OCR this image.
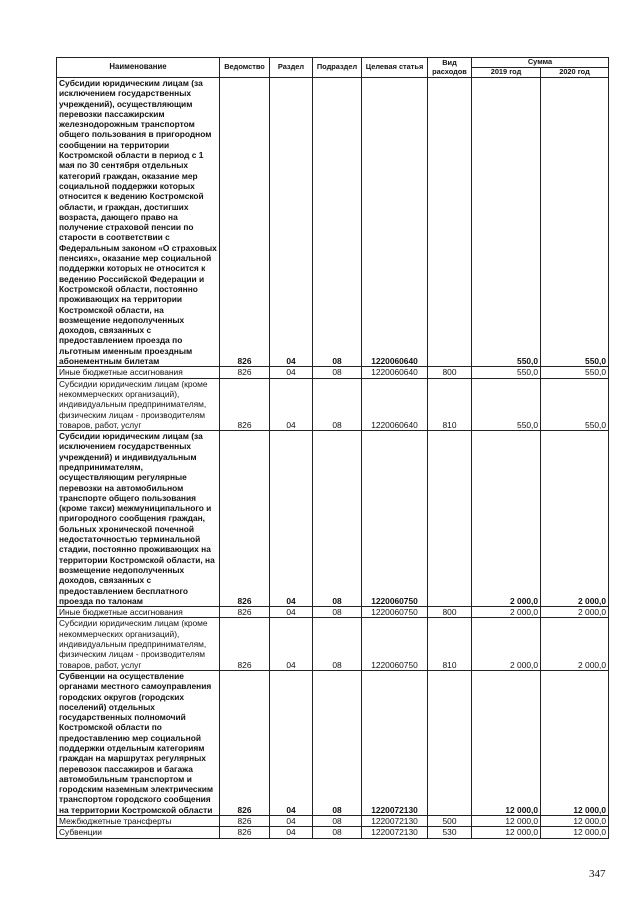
Наименование	Ведомство	Раздел	Подраздел	Целевая статья	Вид расходов	Сумма	
						2019 год	2020 год
Субсидии юридическим лицам (за исключением государственных учреждений), осуществляющим перевозки пассажирским железнодорожным транспортом общего пользования в пригородном сообщении на территории Костромской области в период с 1 мая по 30 сентября отдельных категорий граждан, оказание мер социальной поддержки которых относится к ведению Костромской области, и граждан, достигших возраста, дающего право на получение страховой пенсии по старости в соответствии с Федеральным законом «О страховых пенсиях», оказание мер социальной поддержки которых не относится к ведению Российской Федерации и Костромской области, постоянно проживающих на территории Костромской области, на возмещение недополученных доходов, связанных с предоставлением проезда по льготным именным проездным абонементным билетам	826	04	08	1220060640		550,0	550,0
Иные бюджетные ассигнования	826	04	08	1220060640	800	550,0	550,0
Субсидии юридическим лицам (кроме некоммерческих организаций), индивидуальным предпринимателям, физическим лицам - производителям товаров, работ, услуг	826	04	08	1220060640	810	550,0	550,0
Субсидии юридическим лицам (за исключением государственных учреждений) и индивидуальным предпринимателям, осуществляющим регулярные перевозки на автомобильном транспорте общего пользования (кроме такси) межмуниципального и пригородного сообщения граждан, больных хронической почечной недостаточностью терминальной стадии, постоянно проживающих на территории Костромской области, на возмещение недополученных доходов, связанных с предоставлением бесплатного проезда по талонам	826	04	08	1220060750		2 000,0	2 000,0
Иные бюджетные ассигнования	826	04	08	1220060750	800	2 000,0	2 000,0
Субсидии юридическим лицам (кроме некоммерческих организаций), индивидуальным предпринимателям, физическим лицам - производителям товаров, работ, услуг	826	04	08	1220060750	810	2 000,0	2 000,0
Субвенции на осуществление органами местного самоуправления городских округов (городских поселений) отдельных государственных полномочий Костромской области по предоставлению мер социальной поддержки отдельным категориям граждан на маршрутах регулярных перевозок пассажиров и багажа автомобильным транспортом и городским наземным электрическим транспортом городского сообщения на территории Костромской области	826	04	08	1220072130		12 000,0	12 000,0
Межбюджетные трансферты	826	04	08	1220072130	500	12 000,0	12 000,0
Субвенции	826	04	08	1220072130	530	12 000,0	12 000,0
347
